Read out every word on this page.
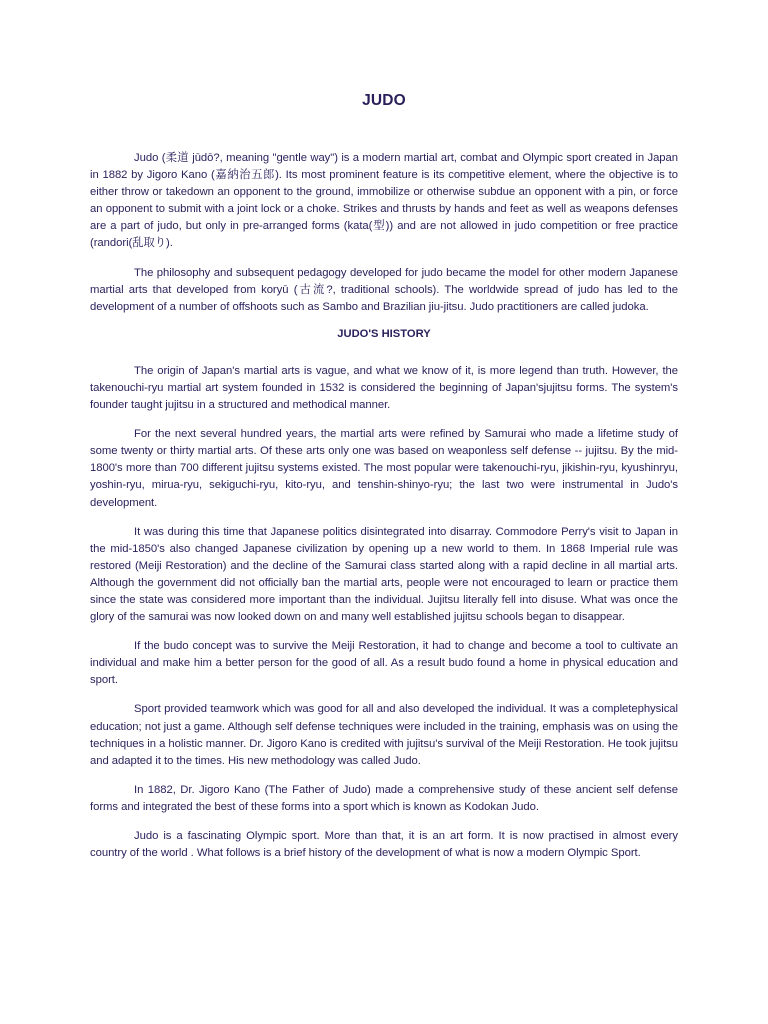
JUDO

Judo (柔道 jūdō?, meaning "gentle way") is a modern martial art, combat and Olympic sport created in Japan in 1882 by Jigoro Kano (嘉納治五郎). Its most prominent feature is its competitive element, where the objective is to either throw or takedown an opponent to the ground, immobilize or otherwise subdue an opponent with a pin, or force an opponent to submit with a joint lock or a choke. Strikes and thrusts by hands and feet as well as weapons defenses are a part of judo, but only in pre-arranged forms (kata(型)) and are not allowed in judo competition or free practice (randori(乱取り).

The philosophy and subsequent pedagogy developed for judo became the model for other modern Japanese martial arts that developed from koryū (古流?, traditional schools). The worldwide spread of judo has led to the development of a number of offshoots such as Sambo and Brazilian jiu-jitsu. Judo practitioners are called judoka.

JUDO'S HISTORY

The origin of Japan's martial arts is vague, and what we know of it, is more legend than truth. However, the takenouchi-ryu martial art system founded in 1532 is considered the beginning of Japan'sjujitsu forms. The system's founder taught jujitsu in a structured and methodical manner.

For the next several hundred years, the martial arts were refined by Samurai who made a lifetime study of some twenty or thirty martial arts. Of these arts only one was based on weaponless self defense -- jujitsu. By the mid-1800's more than 700 different jujitsu systems existed. The most popular were takenouchi-ryu, jikishin-ryu, kyushinryu, yoshin-ryu, mirua-ryu, sekiguchi-ryu, kito-ryu, and tenshin-shinyo-ryu; the last two were instrumental in Judo's development.

It was during this time that Japanese politics disintegrated into disarray. Commodore Perry's visit to Japan in the mid-1850's also changed Japanese civilization by opening up a new world to them. In 1868 Imperial rule was restored (Meiji Restoration) and the decline of the Samurai class started along with a rapid decline in all martial arts. Although the government did not officially ban the martial arts, people were not encouraged to learn or practice them since the state was considered more important than the individual. Jujitsu literally fell into disuse. What was once the glory of the samurai was now looked down on and many well established jujitsu schools began to disappear.

If the budo concept was to survive the Meiji Restoration, it had to change and become a tool to cultivate an individual and make him a better person for the good of all. As a result budo found a home in physical education and sport.

Sport provided teamwork which was good for all and also developed the individual. It was a completephysical education; not just a game. Although self defense techniques were included in the training, emphasis was on using the techniques in a holistic manner. Dr. Jigoro Kano is credited with jujitsu's survival of the Meiji Restoration. He took jujitsu and adapted it to the times. His new methodology was called Judo.

In 1882, Dr. Jigoro Kano (The Father of Judo) made a comprehensive study of these ancient self defense forms and integrated the best of these forms into a sport which is known as Kodokan Judo.

Judo is a fascinating Olympic sport. More than that, it is an art form. It is now practised in almost every country of the world . What follows is a brief history of the development of what is now a modern Olympic Sport.
